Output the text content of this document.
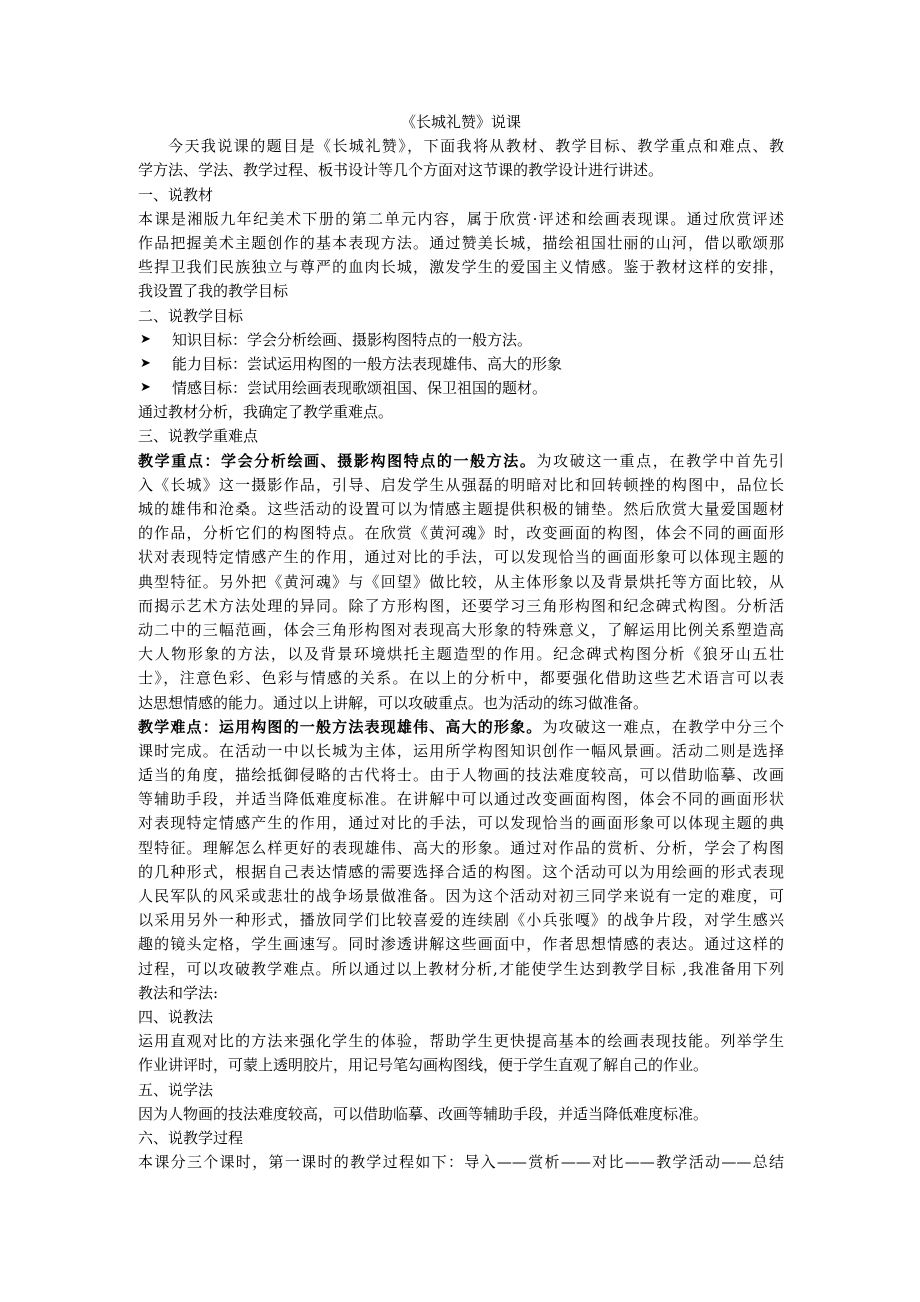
《长城礼赞》说课
今天我说课的题目是《长城礼赞》，下面我将从教材、教学目标、教学重点和难点、教
学方法、学法、教学过程、板书设计等几个方面对这节课的教学设计进行讲述。
一、说教材
本课是湘版九年纪美术下册的第二单元内容，属于欣赏·评述和绘画表现课。通过欣赏评述
作品把握美术主题创作的基本表现方法。通过赞美长城，描绘祖国壮丽的山河，借以歌颂那
些捍卫我们民族独立与尊严的血肉长城，激发学生的爱国主义情感。鉴于教材这样的安排，
我设置了我的教学目标
二、说教学目标
➤	知识目标：学会分析绘画、摄影构图特点的一般方法。
➤	能力目标：尝试运用构图的一般方法表现雄伟、高大的形象
➤	情感目标：尝试用绘画表现歌颂祖国、保卫祖国的题材。
通过教材分析，我确定了教学重难点。
三、说教学重难点
教学重点：学会分析绘画、摄影构图特点的一般方法。为攻破这一重点，在教学中首先引
入《长城》这一摄影作品，引导、启发学生从强磊的明暗对比和回转顿挫的构图中，品位长
城的雄伟和沧桑。这些活动的设置可以为情感主题提供积极的铺垫。然后欣赏大量爱国题材
的作品，分析它们的构图特点。在欣赏《黄河魂》时，改变画面的构图，体会不同的画面形
状对表现特定情感产生的作用，通过对比的手法，可以发现恰当的画面形象可以体现主题的
典型特征。另外把《黄河魂》与《回望》做比较，从主体形象以及背景烘托等方面比较，从
而揭示艺术方法处理的异同。除了方形构图，还要学习三角形构图和纪念碑式构图。分析活
动二中的三幅范画，体会三角形构图对表现高大形象的特殊意义，了解运用比例关系塑造高
大人物形象的方法，以及背景环境烘托主题造型的作用。纪念碑式构图分析《狼牙山五壮
士》，注意色彩、色彩与情感的关系。在以上的分析中，都要强化借助这些艺术语言可以表
达思想情感的能力。通过以上讲解，可以攻破重点。也为活动的练习做准备。
教学难点：运用构图的一般方法表现雄伟、高大的形象。为攻破这一难点，在教学中分三个
课时完成。在活动一中以长城为主体，运用所学构图知识创作一幅风景画。活动二则是选择
适当的角度，描绘抵御侵略的古代将士。由于人物画的技法难度较高，可以借助临摹、改画
等辅助手段，并适当降低难度标准。在讲解中可以通过改变画面构图，体会不同的画面形状
对表现特定情感产生的作用，通过对比的手法，可以发现恰当的画面形象可以体现主题的典
型特征。理解怎么样更好的表现雄伟、高大的形象。通过对作品的赏析、分析，学会了构图
的几种形式，根据自己表达情感的需要选择合适的构图。这个活动可以为用绘画的形式表现
人民军队的风采或悲壮的战争场景做准备。因为这个活动对初三同学来说有一定的难度，可
以采用另外一种形式，播放同学们比较喜爱的连续剧《小兵张嘎》的战争片段，对学生感兴
趣的镜头定格，学生画速写。同时渗透讲解这些画面中，作者思想情感的表达。通过这样的
过程，可以攻破教学难点。所以通过以上教材分析,才能使学生达到教学目标 ,我准备用下列
教法和学法:
四、说教法
运用直观对比的方法来强化学生的体验，帮助学生更快提高基本的绘画表现技能。列举学生
作业讲评时，可蒙上透明胶片，用记号笔勾画构图线，便于学生直观了解自己的作业。
五、说学法
因为人物画的技法难度较高，可以借助临摹、改画等辅助手段，并适当降低难度标准。
六、说教学过程
本课分三个课时，第一课时的教学过程如下：导入——赏析——对比——教学活动——总结
